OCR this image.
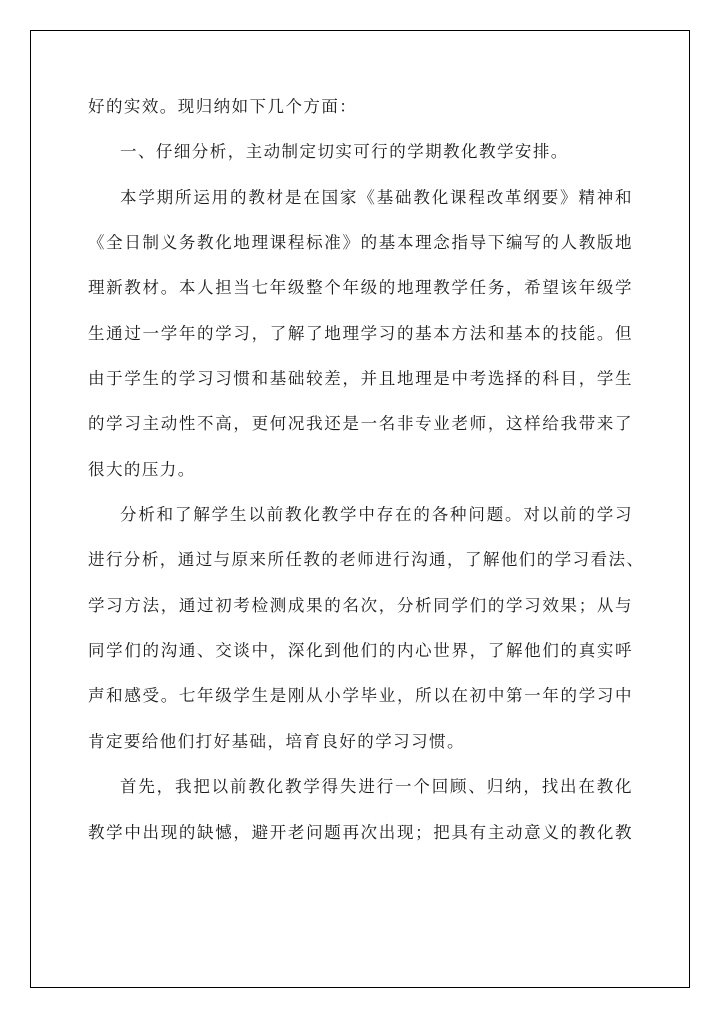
好的实效。现归纳如下几个方面：
一、仔细分析，主动制定切实可行的学期教化教学安排。
本学期所运用的教材是在国家《基础教化课程改革纲要》精神和
《全日制义务教化地理课程标准》的基本理念指导下编写的人教版地
理新教材。本人担当七年级整个年级的地理教学任务，希望该年级学
生通过一学年的学习，了解了地理学习的基本方法和基本的技能。但
由于学生的学习习惯和基础较差，并且地理是中考选择的科目，学生
的学习主动性不高，更何况我还是一名非专业老师，这样给我带来了
很大的压力。
分析和了解学生以前教化教学中存在的各种问题。对以前的学习
进行分析，通过与原来所任教的老师进行沟通，了解他们的学习看法、
学习方法，通过初考检测成果的名次，分析同学们的学习效果；从与
同学们的沟通、交谈中，深化到他们的内心世界，了解他们的真实呼
声和感受。七年级学生是刚从小学毕业，所以在初中第一年的学习中
肯定要给他们打好基础，培育良好的学习习惯。
首先，我把以前教化教学得失进行一个回顾、归纳，找出在教化
教学中出现的缺憾，避开老问题再次出现；把具有主动意义的教化教
